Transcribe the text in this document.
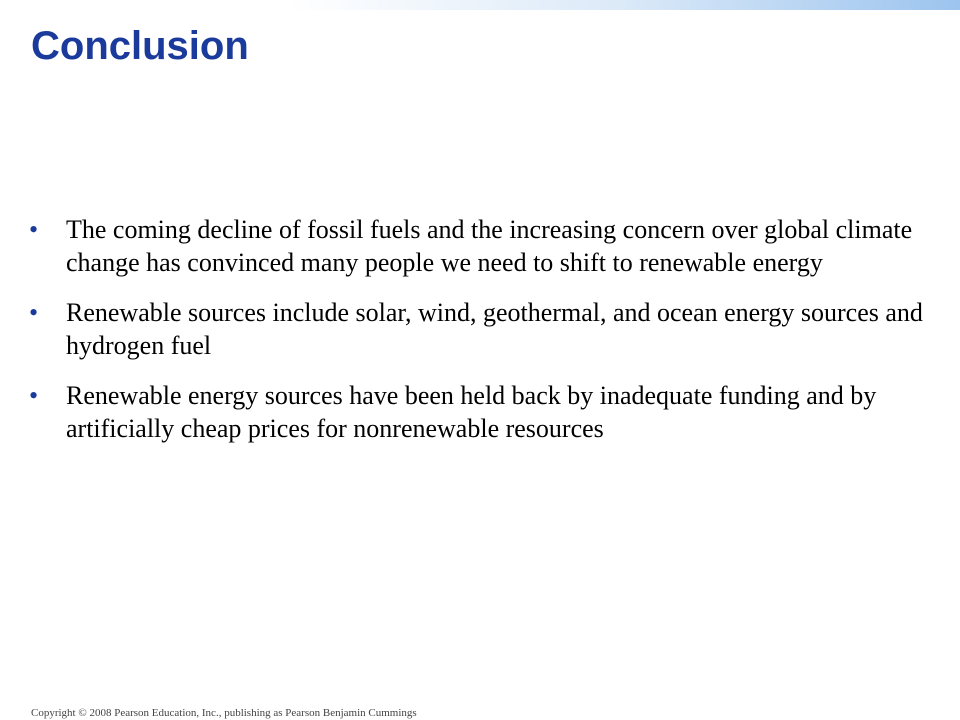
Conclusion
•	The coming decline of fossil fuels and the increasing concern over global climate change has convinced many people we need to shift to renewable energy
•	Renewable sources include solar, wind, geothermal, and ocean energy sources and hydrogen fuel
•	Renewable energy sources have been held back by inadequate funding and by artificially cheap prices for nonrenewable resources
Copyright © 2008 Pearson Education, Inc., publishing as Pearson Benjamin Cummings
